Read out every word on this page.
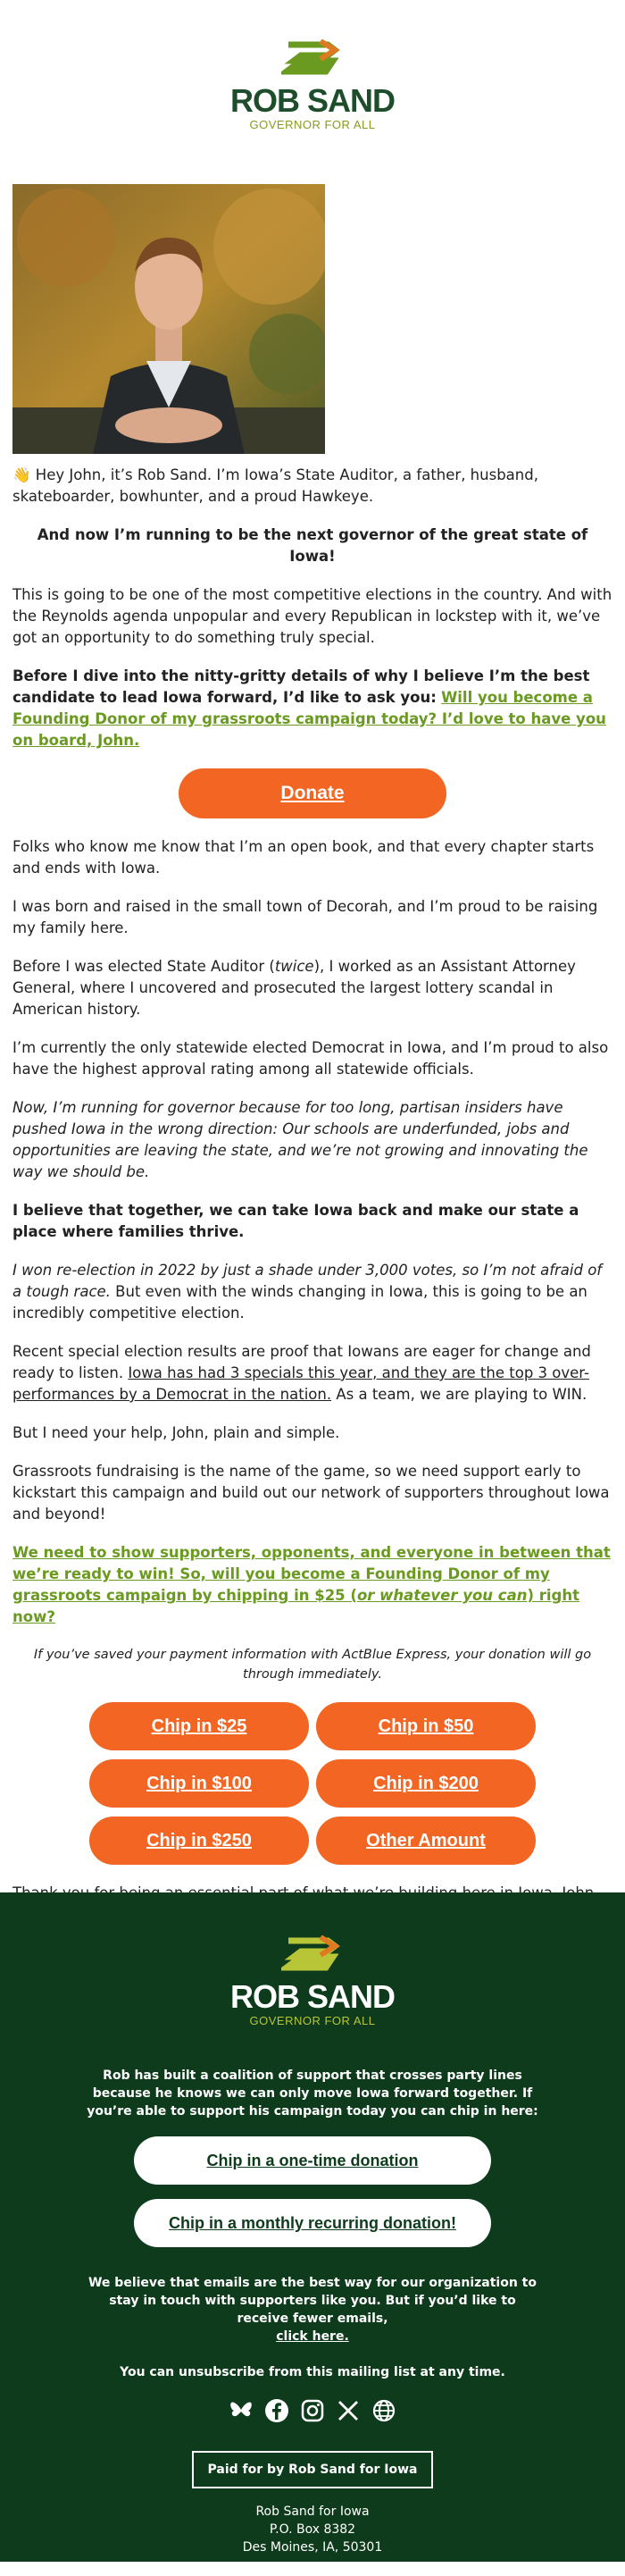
ROB SAND
GOVERNOR FOR ALL

👋 Hey John, it’s Rob Sand. I’m Iowa’s State Auditor, a father, husband, skateboarder, bowhunter, and a proud Hawkeye.

And now I’m running to be the next governor of the great state of Iowa!

This is going to be one of the most competitive elections in the country. And with the Reynolds agenda unpopular and every Republican in lockstep with it, we’ve got an opportunity to do something truly special.

Before I dive into the nitty-gritty details of why I believe I’m the best candidate to lead Iowa forward, I’d like to ask you: Will you become a Founding Donor of my grassroots campaign today? I’d love to have you on board, John.

Donate

Folks who know me know that I’m an open book, and that every chapter starts and ends with Iowa.

I was born and raised in the small town of Decorah, and I’m proud to be raising my family here.

Before I was elected State Auditor (twice), I worked as an Assistant Attorney General, where I uncovered and prosecuted the largest lottery scandal in American history.

I’m currently the only statewide elected Democrat in Iowa, and I’m proud to also have the highest approval rating among all statewide officials.

Now, I’m running for governor because for too long, partisan insiders have pushed Iowa in the wrong direction: Our schools are underfunded, jobs and opportunities are leaving the state, and we’re not growing and innovating the way we should be.

I believe that together, we can take Iowa back and make our state a place where families thrive.

I won re-election in 2022 by just a shade under 3,000 votes, so I’m not afraid of a tough race. But even with the winds changing in Iowa, this is going to be an incredibly competitive election.

Recent special election results are proof that Iowans are eager for change and ready to listen. Iowa has had 3 specials this year, and they are the top 3 over-performances by a Democrat in the nation. As a team, we are playing to WIN.

But I need your help, John, plain and simple.

Grassroots fundraising is the name of the game, so we need support early to kickstart this campaign and build out our network of supporters throughout Iowa and beyond!

We need to show supporters, opponents, and everyone in between that we’re ready to win! So, will you become a Founding Donor of my grassroots campaign by chipping in $25 (or whatever you can) right now?

If you’ve saved your payment information with ActBlue Express, your donation will go through immediately.
Chip in $25	Chip in $50
Chip in $100	Chip in $200
Chip in $250	Other Amount

ROB SAND
GOVERNOR FOR ALL
Rob has built a coalition of support that crosses party lines because he knows we can only move Iowa forward together. If you’re able to support his campaign today you can chip in here:
Chip in a one-time donation
Chip in a monthly recurring donation!
We believe that emails are the best way for our organization to stay in touch with supporters like you. But if you’d like to receive fewer emails,
click here.
You can unsubscribe from this mailing list at any time.
Paid for by Rob Sand for Iowa
Rob Sand for Iowa
P.O. Box 8382
Des Moines, IA, 50301
